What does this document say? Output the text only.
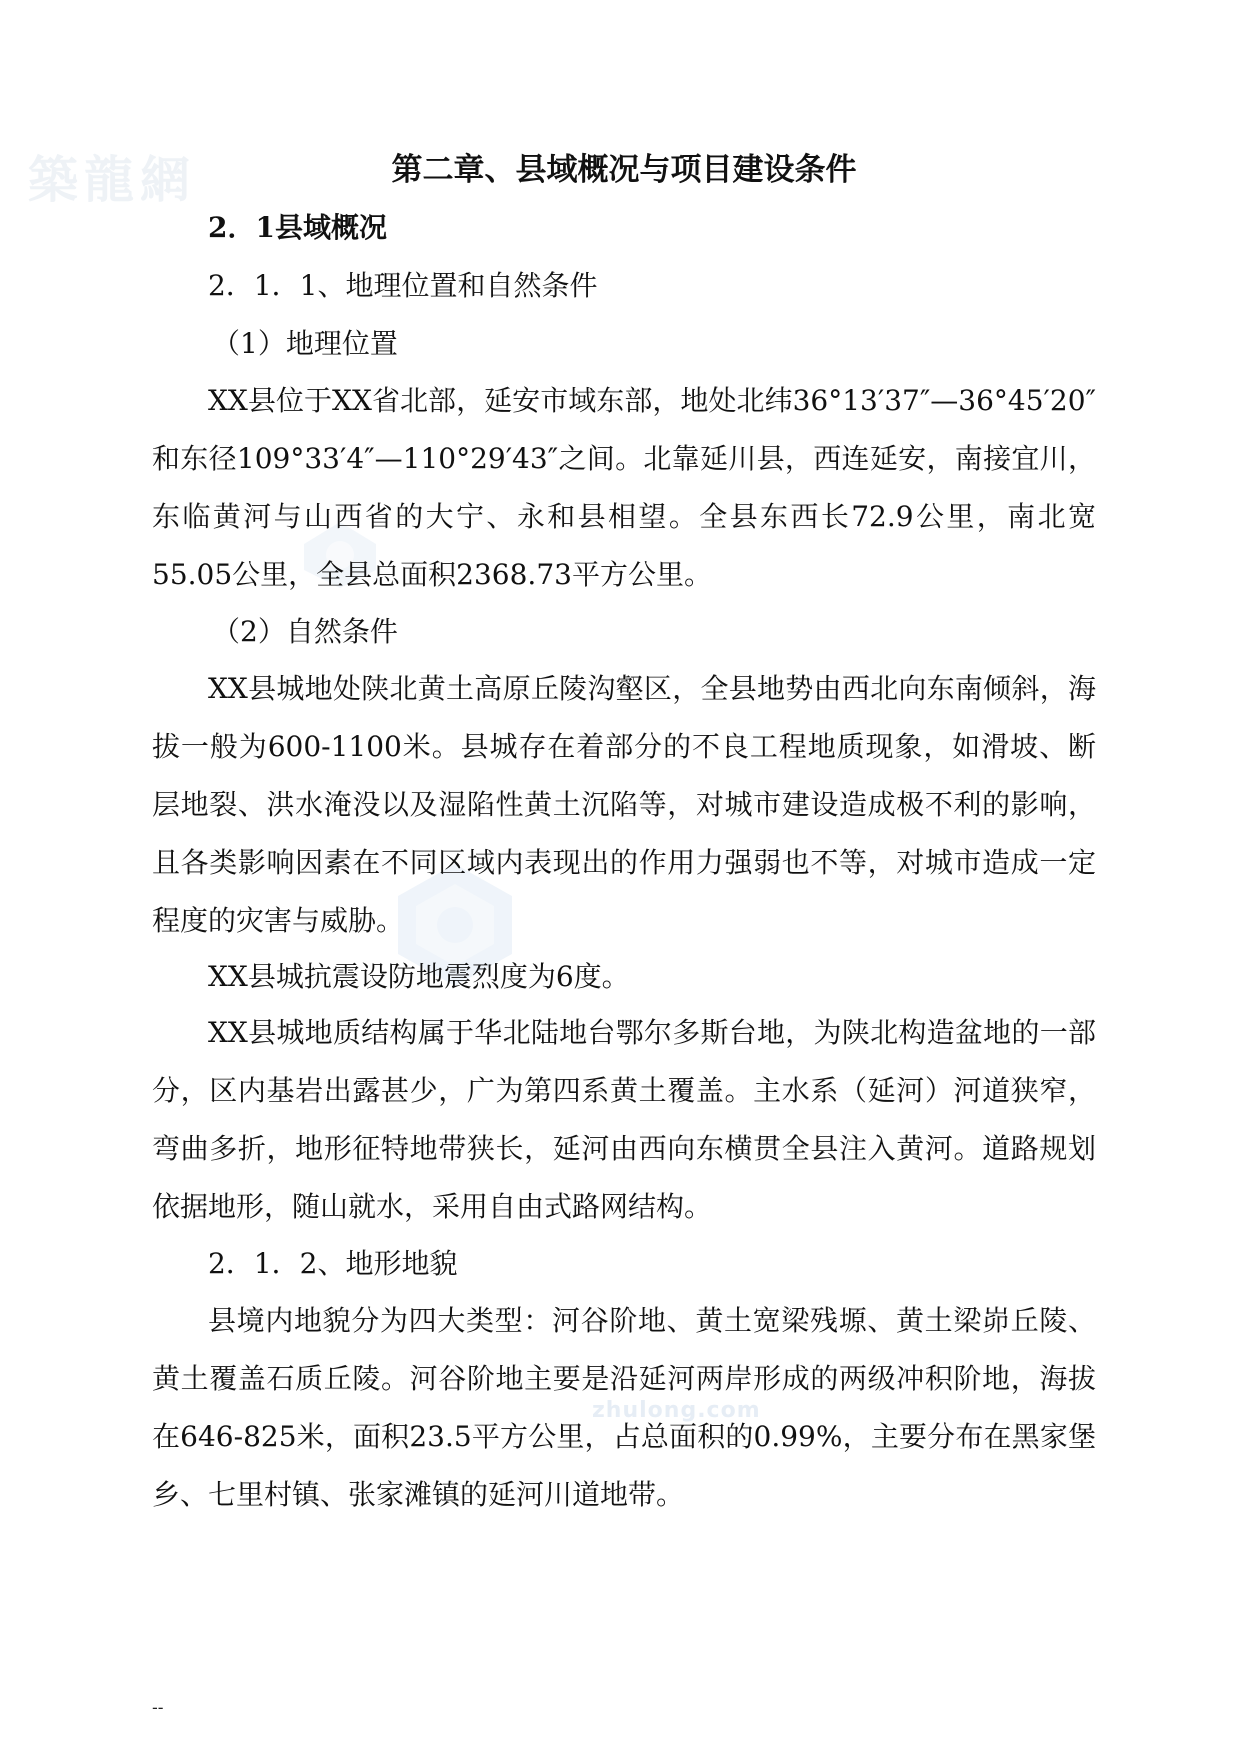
築龍網
zhulong.com
第二章、县域概况与项目建设条件
2．1县域概况
2．1．1、地理位置和自然条件
（1）地理位置
XX县位于XX省北部，延安市域东部，地处北纬36°13′37″—36°45′20″和东径109°33′4″—110°29′43″之间。北靠延川县，西连延安，南接宜川，东临黄河与山西省的大宁、永和县相望。全县东西长72.9公里，南北宽55.05公里，全县总面积2368.73平方公里。
（2）自然条件
XX县城地处陕北黄土高原丘陵沟壑区，全县地势由西北向东南倾斜，海拔一般为600-1100米。县城存在着部分的不良工程地质现象，如滑坡、断层地裂、洪水淹没以及湿陷性黄土沉陷等，对城市建设造成极不利的影响，且各类影响因素在不同区域内表现出的作用力强弱也不等，对城市造成一定程度的灾害与威胁。
XX县城抗震设防地震烈度为6度。
XX县城地质结构属于华北陆地台鄂尔多斯台地，为陕北构造盆地的一部分，区内基岩出露甚少，广为第四系黄土覆盖。主水系（延河）河道狭窄，弯曲多折，地形征特地带狭长，延河由西向东横贯全县注入黄河。道路规划依据地形，随山就水，采用自由式路网结构。
2．1．2、地形地貌
县境内地貌分为四大类型：河谷阶地、黄土宽梁残塬、黄土梁峁丘陵、黄土覆盖石质丘陵。河谷阶地主要是沿延河两岸形成的两级冲积阶地，海拔在646-825米，面积23.5平方公里，占总面积的0.99%，主要分布在黑家堡乡、七里村镇、张家滩镇的延河川道地带。
--
